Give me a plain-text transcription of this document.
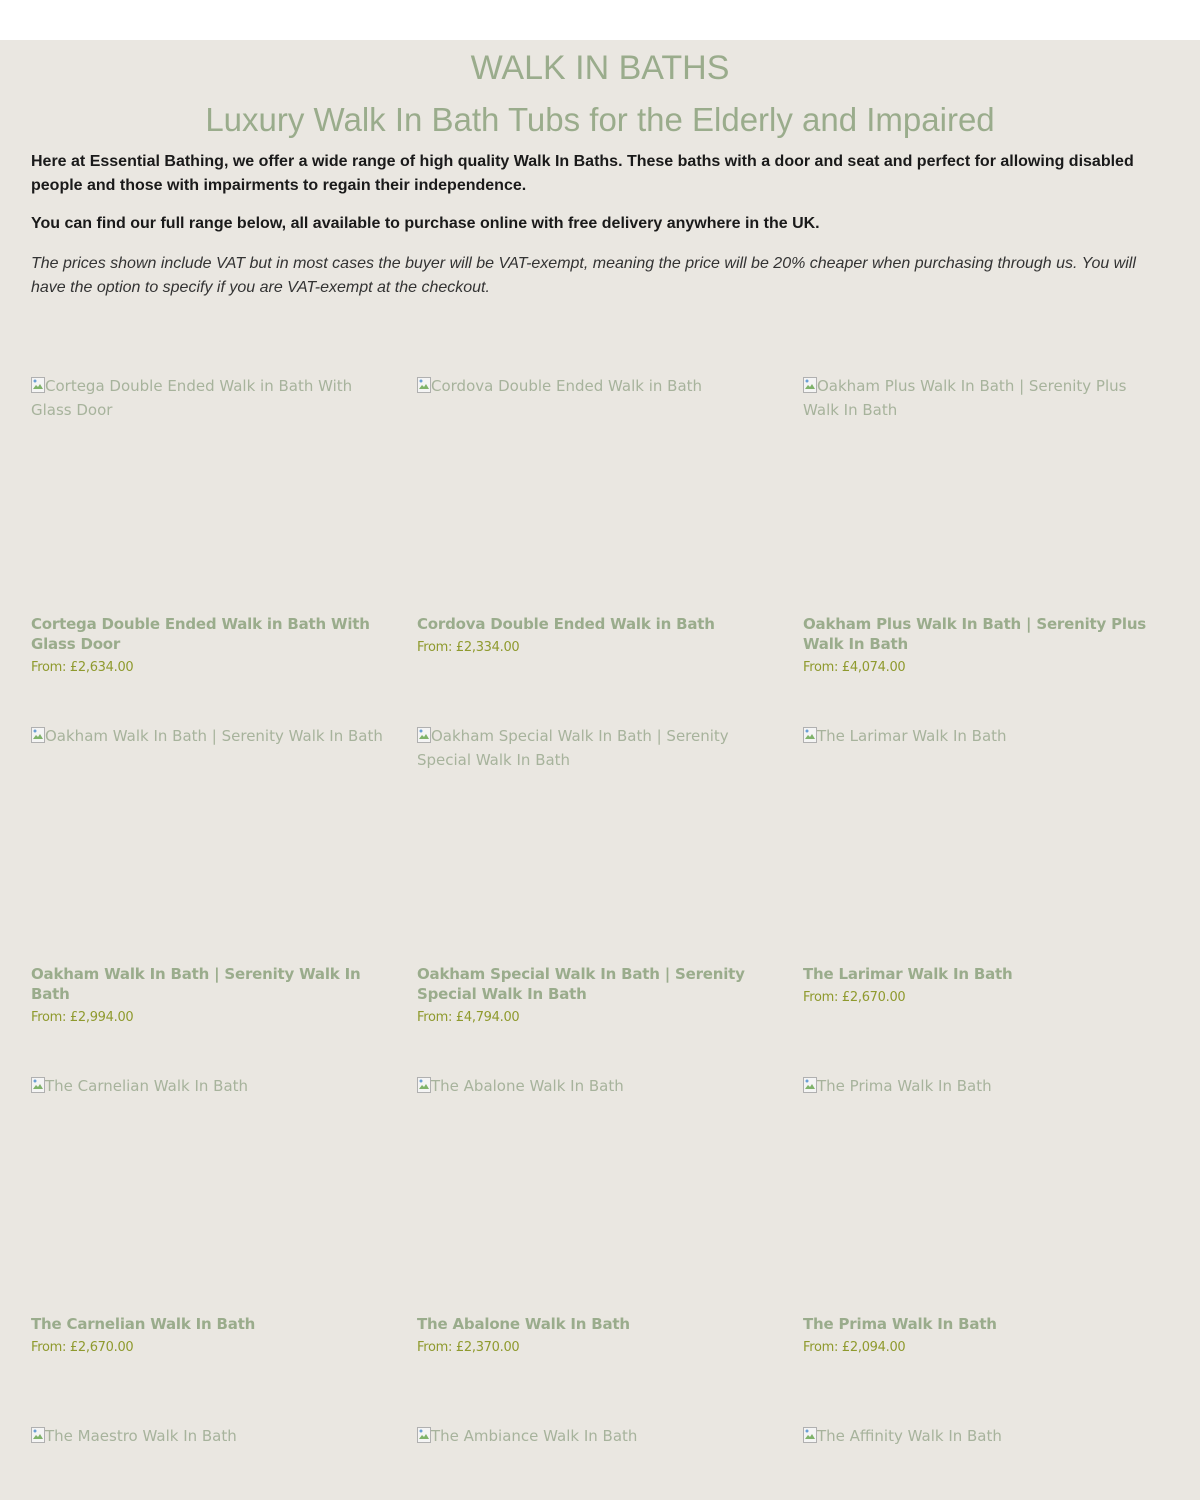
WALK IN BATHS
Luxury Walk In Bath Tubs for the Elderly and Impaired

Here at Essential Bathing, we offer a wide range of high quality Walk In Baths. These baths with a door and seat and perfect for allowing disabled people and those with impairments to regain their independence.

You can find our full range below, all available to purchase online with free delivery anywhere in the UK.

The prices shown include VAT but in most cases the buyer will be VAT-exempt, meaning the price will be 20% cheaper when purchasing through us. You will have the option to specify if you are VAT-exempt at the checkout.

Cortega Double Ended Walk in Bath With Glass Door
Cortega Double Ended Walk in Bath With Glass Door
From: £2,634.00
Cordova Double Ended Walk in Bath
Cordova Double Ended Walk in Bath
From: £2,334.00
Oakham Plus Walk In Bath | Serenity Plus Walk In Bath
Oakham Plus Walk In Bath | Serenity Plus Walk In Bath
From: £4,074.00
Oakham Walk In Bath | Serenity Walk In Bath
Oakham Walk In Bath | Serenity Walk In Bath
From: £2,994.00
Oakham Special Walk In Bath | Serenity Special Walk In Bath
Oakham Special Walk In Bath | Serenity Special Walk In Bath
From: £4,794.00
The Larimar Walk In Bath
The Larimar Walk In Bath
From: £2,670.00
The Carnelian Walk In Bath
The Carnelian Walk In Bath
From: £2,670.00
The Abalone Walk In Bath
The Abalone Walk In Bath
From: £2,370.00
The Prima Walk In Bath
The Prima Walk In Bath
From: £2,094.00
The Maestro Walk In Bath	The Ambiance Walk In Bath	The Affinity Walk In Bath
